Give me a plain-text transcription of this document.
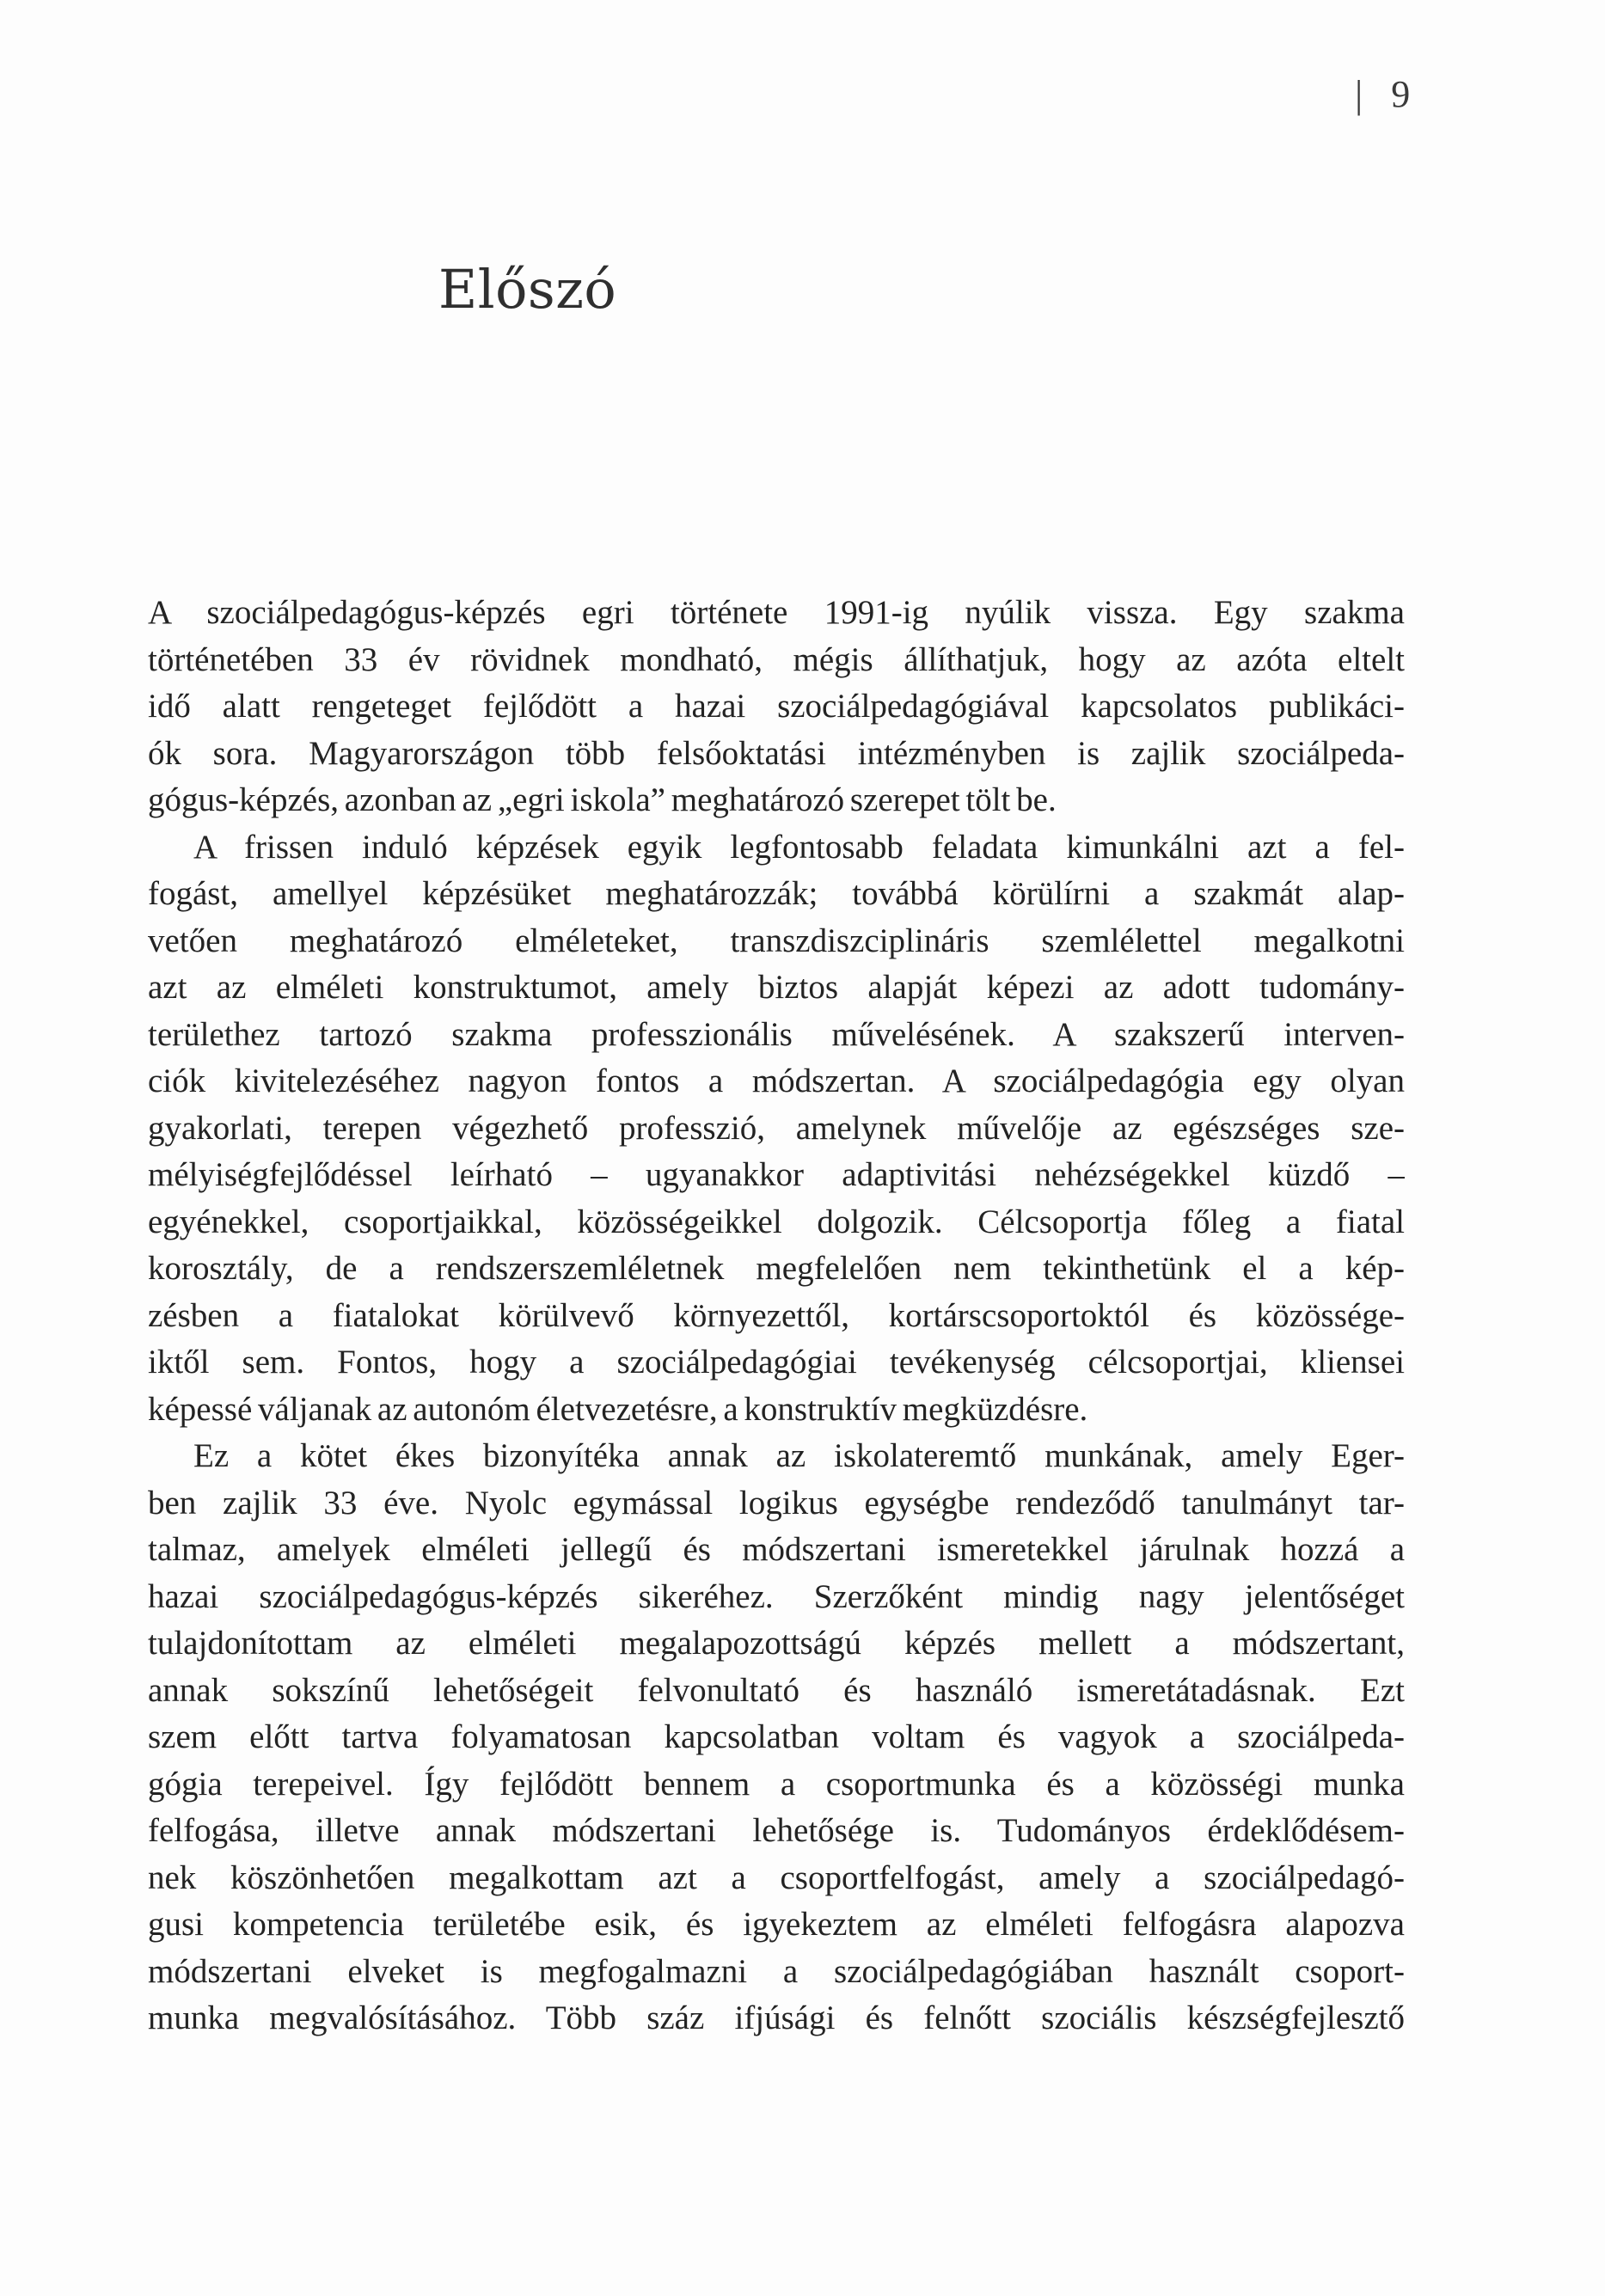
| 9
Előszó
A szociálpedagógus-képzés egri története 1991-ig nyúlik vissza. Egy szakma
történetében 33 év rövidnek mondható, mégis állíthatjuk, hogy az azóta eltelt
idő alatt rengeteget fejlődött a hazai szociálpedagógiával kapcsolatos publikáci-
ók sora. Magyarországon több felsőoktatási intézményben is zajlik szociálpeda-
gógus-képzés, azonban az „egri iskola” meghatározó szerepet tölt be.
A frissen induló képzések egyik legfontosabb feladata kimunkálni azt a fel-
fogást, amellyel képzésüket meghatározzák; továbbá körülírni a szakmát alap-
vetően meghatározó elméleteket, transzdiszciplináris szemlélettel megalkotni
azt az elméleti konstruktumot, amely biztos alapját képezi az adott tudomány-
területhez tartozó szakma professzionális művelésének. A szakszerű interven-
ciók kivitelezéséhez nagyon fontos a módszertan. A szociálpedagógia egy olyan
gyakorlati, terepen végezhető professzió, amelynek művelője az egészséges sze-
mélyiségfejlődéssel leírható – ugyanakkor adaptivitási nehézségekkel küzdő –
egyénekkel, csoportjaikkal, közösségeikkel dolgozik. Célcsoportja főleg a fiatal
korosztály, de a rendszerszemléletnek megfelelően nem tekinthetünk el a kép-
zésben a fiatalokat körülvevő környezettől, kortárscsoportoktól és közössége-
iktől sem. Fontos, hogy a szociálpedagógiai tevékenység célcsoportjai, kliensei
képessé váljanak az autonóm életvezetésre, a konstruktív megküzdésre.
Ez a kötet ékes bizonyítéka annak az iskolateremtő munkának, amely Eger-
ben zajlik 33 éve. Nyolc egymással logikus egységbe rendeződő tanulmányt tar-
talmaz, amelyek elméleti jellegű és módszertani ismeretekkel járulnak hozzá a
hazai szociálpedagógus-képzés sikeréhez. Szerzőként mindig nagy jelentőséget
tulajdonítottam az elméleti megalapozottságú képzés mellett a módszertant,
annak sokszínű lehetőségeit felvonultató és használó ismeretátadásnak. Ezt
szem előtt tartva folyamatosan kapcsolatban voltam és vagyok a szociálpeda-
gógia terepeivel. Így fejlődött bennem a csoportmunka és a közösségi munka
felfogása, illetve annak módszertani lehetősége is. Tudományos érdeklődésem-
nek köszönhetően megalkottam azt a csoportfelfogást, amely a szociálpedagó-
gusi kompetencia területébe esik, és igyekeztem az elméleti felfogásra alapozva
módszertani elveket is megfogalmazni a szociálpedagógiában használt csoport-
munka megvalósításához. Több száz ifjúsági és felnőtt szociális készségfejlesztő
